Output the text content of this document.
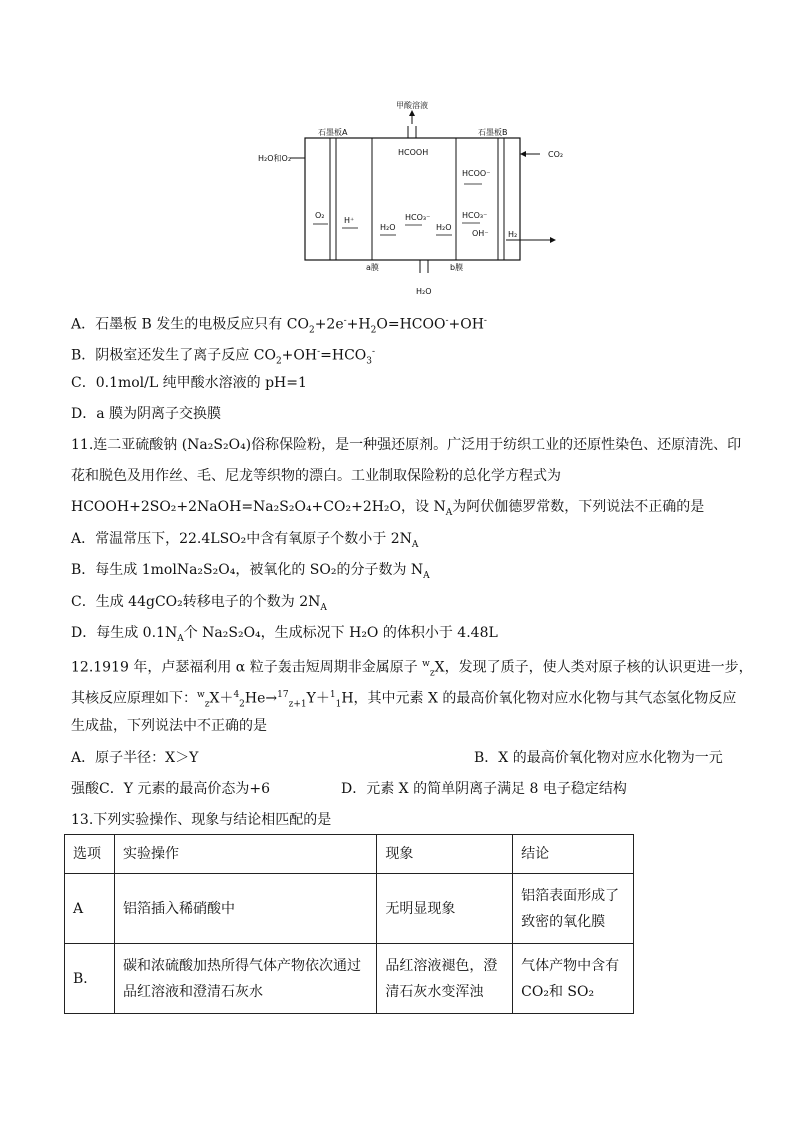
甲酸溶液
石墨板A	石墨板B
H₂O和O₂	CO₂
HCOOH
HCOO⁻
O₂
H⁺
H₂O
HCO₃⁻
H₂O
HCO₃⁻
OH⁻ H₂
a膜	b膜
H₂O
A．石墨板 B 发生的电极反应只有 $CO_2+2e^-+H_2O=HCOO^-+OH^-$
B．阴极室还发生了离子反应 $CO_2+OH^-=HCO_3^-$
C．0.1mol/L 纯甲酸水溶液的 pH=1
D．a 膜为阴离子交换膜
11.连二亚硫酸钠 (Na₂S₂O₄)俗称保险粉，是一种强还原剂。广泛用于纺织工业的还原性染色、还原清洗、印
花和脱色及用作丝、毛、尼龙等织物的漂白。工业制取保险粉的总化学方程式为
HCOOH+2SO₂+2NaOH=Na₂S₂O₄+CO₂+2H₂O，设 $N_A$为阿伏伽德罗常数，下列说法不正确的是
A．常温常压下，22.4LSO₂中含有氧原子个数小于 $2N_A$
B．每生成 1molNa₂S₂O₄，被氧化的 SO₂的分子数为 $N_A$
C．生成 44gCO₂转移电子的个数为 $2N_A$
D．每生成 $0.1N_A$个 Na₂S₂O₄，生成标况下 H₂O 的体积小于 4.48L
12.1919 年，卢瑟福利用 α 粒子轰击短周期非金属原子 $^w_z$X，发现了质子，使人类对原子核的认识更进一步，
其核反应原理如下：$^w_z$X＋$^4_2$He→$^{17}_{z+1}$Y＋$^1_1$H，其中元素 X 的最高价氧化物对应水化物与其气态氢化物反应
生成盐，下列说法中不正确的是
A．原子半径：X＞Y	B．X 的最高价氧化物对应水化物为一元
强酸C．Y 元素的最高价态为+6	D．元素 X 的简单阴离子满足 8 电子稳定结构
13.下列实验操作、现象与结论相匹配的是
选项	实验操作	现象	结论
A	铝箔插入稀硝酸中	无明显现象	铝箔表面形成了致密的氧化膜
B．	碳和浓硫酸加热所得气体产物依次通过品红溶液和澄清石灰水	品红溶液褪色，澄清石灰水变浑浊	气体产物中含有CO₂和 SO₂
